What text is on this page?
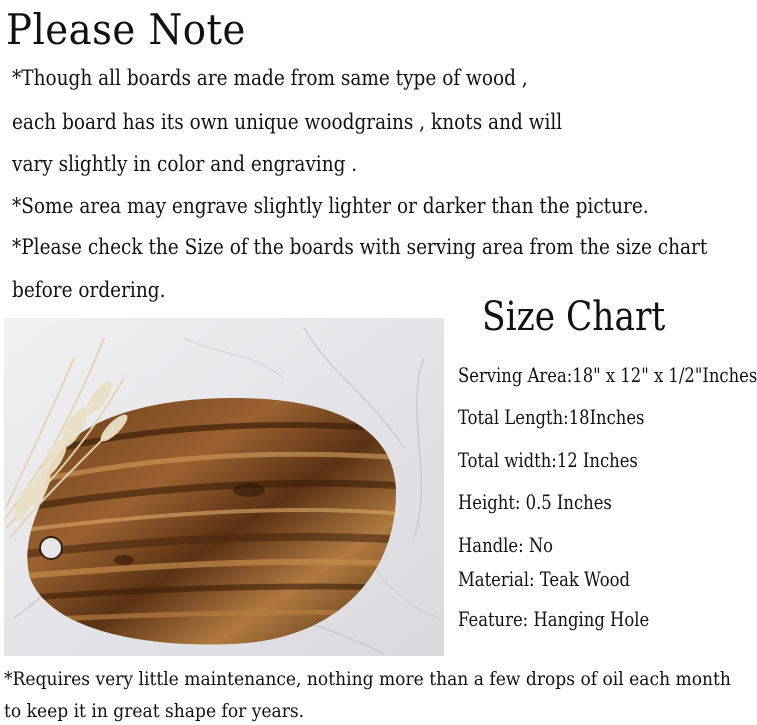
Please Note
*Though all boards are made from same type of wood ,
each board has its own unique woodgrains , knots and will
vary slightly in color and engraving .
*Some area may engrave slightly lighter or darker than the picture.
*Please check the Size of the boards with serving area from the size chart
before ordering.
Size Chart
Serving Area:18" x 12" x 1/2"Inches
Total Length:18Inches
Total width:12 Inches
Height: 0.5 Inches
Handle: No
Material: Teak Wood
Feature: Hanging Hole
*Requires very little maintenance, nothing more than a few drops of oil each month
to keep it in great shape for years.
